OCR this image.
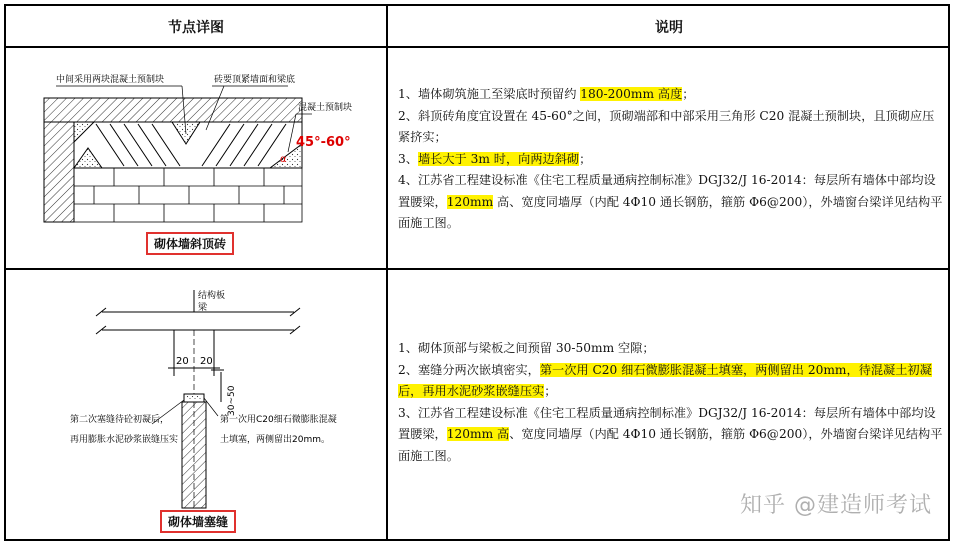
节点详图	说明
中间采用两块混凝土预制块	砖要顶紧墙面和梁底
混凝土预制块
45°-60°
α
砌体墙斜顶砖

1、墙体砌筑施工至梁底时预留约 180-200mm 高度；

2、斜顶砖角度宜设置在 45-60°之间，顶砌端部和中部采用三角形 C20 混凝土预制块，且顶砌应压紧挤实；

3、墙长大于 3m 时，向两边斜砌；

4、江苏省工程建设标准《住宅工程质量通病控制标准》DGJ32/J 16-2014：每层所有墙体中部均设置腰梁，120mm 高、宽度同墙厚（内配 4Φ10 通长钢筋，箍筋 Φ6@200），外墙窗台梁详见结构平面施工图。

结构板
梁
20 20
30~50
第二次塞缝待砼初凝后，
再用膨胀水泥砂浆嵌缝压实
第一次用C20细石微膨胀混凝
土填塞，两侧留出20mm。
砌体墙塞缝

1、砌体顶部与梁板之间预留 30-50mm 空隙；

2、塞缝分两次嵌填密实，第一次用 C20 细石微膨胀混凝土填塞，两侧留出 20mm，待混凝土初凝后，再用水泥砂浆嵌缝压实；

3、江苏省工程建设标准《住宅工程质量通病控制标准》DGJ32/J 16-2014：每层所有墙体中部均设置腰梁，120mm 高、宽度同墙厚（内配 4Φ10 通长钢筋，箍筋 Φ6@200），外墙窗台梁详见结构平面施工图。

知乎 @建造师考试
